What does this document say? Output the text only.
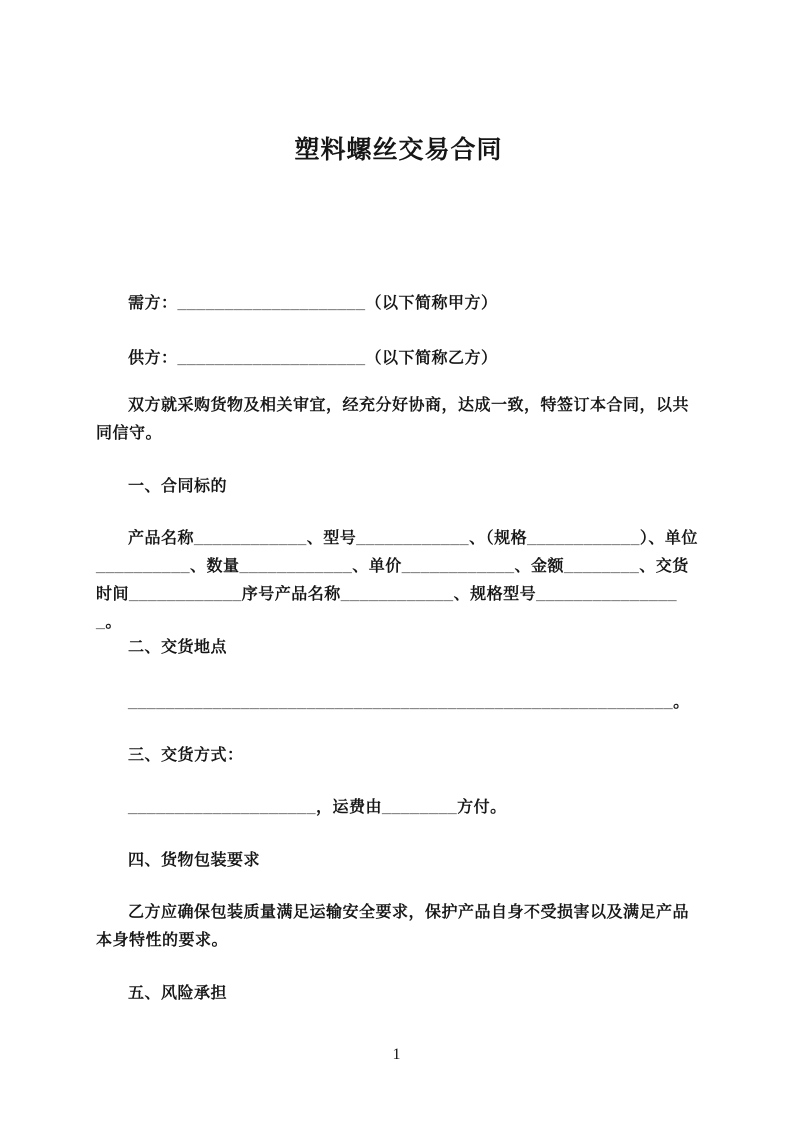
塑料螺丝交易合同
需方：____________________（以下简称甲方）
供方：____________________（以下简称乙方）
双方就采购货物及相关审宜，经充分好协商，达成一致，特签订本合同，以共同信守。
一、合同标的
产品名称____________、型号____________、（规格____________）、单位__________、数量____________、单价____________、金额________、交货时间____________序号产品名称____________、规格型号________________。
二、交货地点
__________________________________________________________。
三、交货方式：
____________________，运费由________方付。
四、货物包装要求
乙方应确保包装质量满足运输安全要求，保护产品自身不受损害以及满足产品本身特性的要求。
五、风险承担
1
